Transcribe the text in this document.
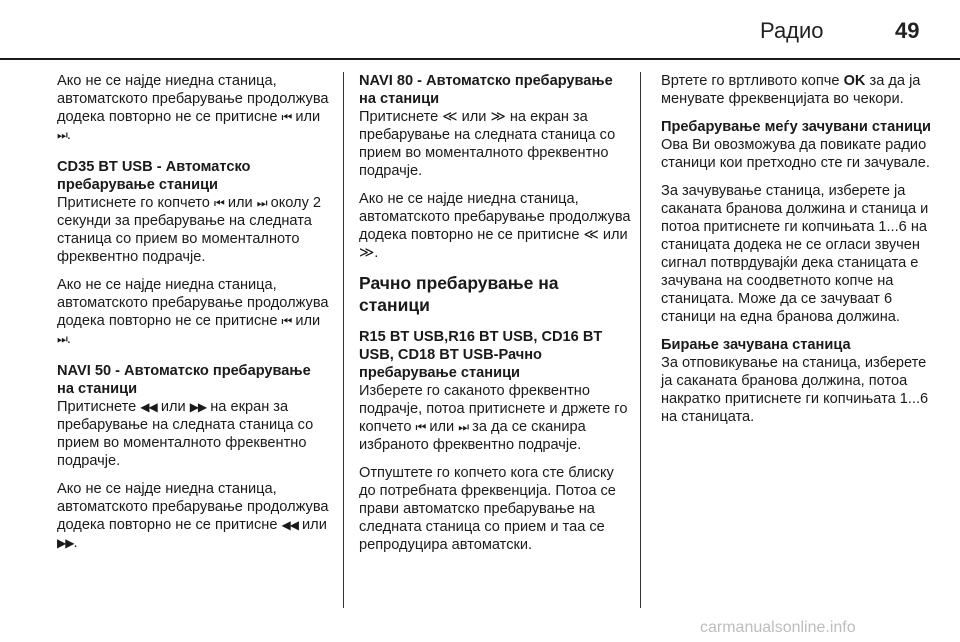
Радио	49

Ако не се најде ниедна станица, автоматското пребарување продолжува додека повторно не се притисне ⏮ или ⏭.

CD35 BT USB - Автоматско пребарување станици

Притиснете го копчето ⏮ или ⏭ околу 2 секунди за пребарување на следната станица со прием во моменталното фреквентно подрачје.

Ако не се најде ниедна станица, автоматското пребарување продолжува додека повторно не се притисне ⏮ или ⏭.

NAVI 50 - Автоматско пребарување на станици

Притиснете ◀◀ или ▶▶ на екран за пребарување на следната станица со прием во моменталното фреквентно подрачје.

Ако не се најде ниедна станица, автоматското пребарување продолжува додека повторно не се притисне ◀◀ или ▶▶.

NAVI 80 - Автоматско пребарување на станици

Притиснете ≪ или ≫ на екран за пребарување на следната станица со прием во моменталното фреквентно подрачје.

Ако не се најде ниедна станица, автоматското пребарување продолжува додека повторно не се притисне ≪ или ≫.

Рачно пребарување на станици
R15 BT USB,R16 BT USB, CD16 BT USB, CD18 BT USB-Рачно пребарување станици

Изберете го саканото фреквентно подрачје, потоа притиснете и држете го копчето ⏮ или ⏭ за да се сканира избраното фреквентно подрачје.

Отпуштете го копчето кога сте блиску до потребната фреквенција. Потоа се прави автоматско пребарување на следната станица со прием и таа се репродуцира автоматски.

Вртете го вртливото копче OK за да ја менувате фреквенцијата во чекори.

Пребарување меѓу зачувани станици

Ова Ви овозможува да повикате радио станици кои претходно сте ги зачувале.

За зачувување станица, изберете ја саканата бранова должина и станица и потоа притиснете ги копчињата 1...6 на станицата додека не се огласи звучен сигнал потврдувајќи дека станицата е зачувана на соодветното копче на станицата. Може да се зачуваат 6 станици на една бранова должина.

Бирање зачувана станица

За отповикување на станица, изберете ја саканата бранова должина, потоа накратко притиснете ги копчињата 1...6 на станицата.

carmanualsonline.info
